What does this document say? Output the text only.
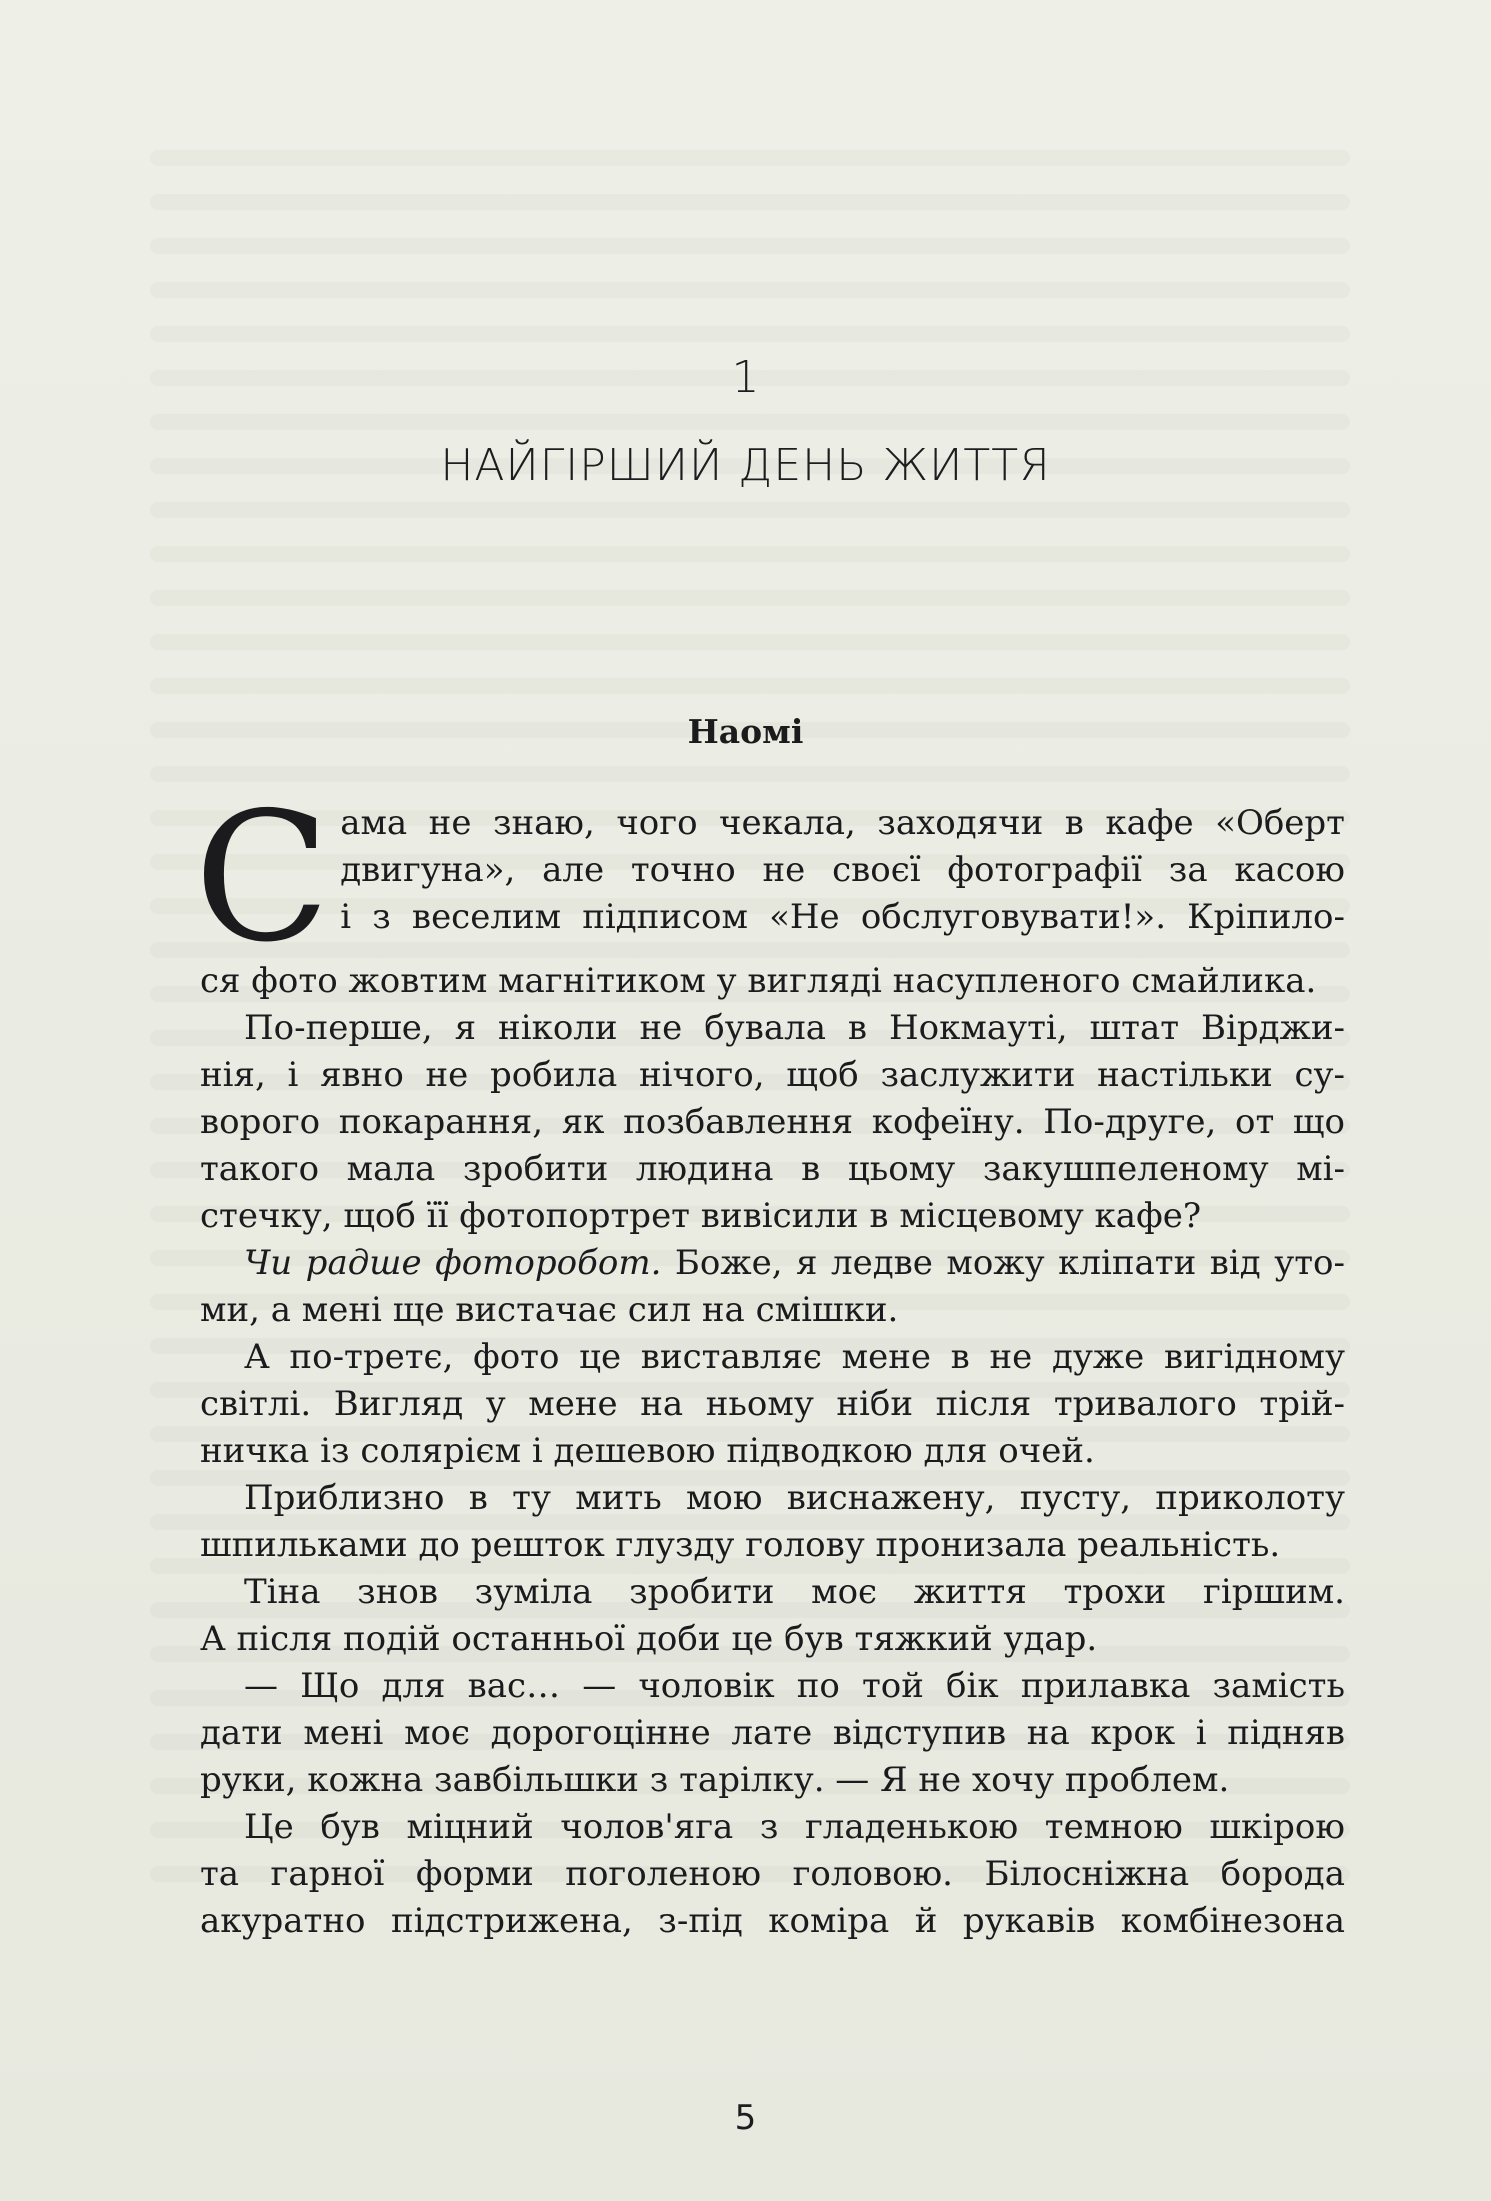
1
НАЙГІРШИЙ ДЕНЬ ЖИТТЯ
Наомі
С ама не знаю, чого чекала, заходячи в кафе «Оберт
двигуна», але точно не своєї фотографії за касою
і з веселим підписом «Не обслуговувати!». Кріпило-
ся фото жовтим магнітиком у вигляді насупленого смайлика.
По-перше, я ніколи не бувала в Нокмауті, штат Вірджи-
нія, і явно не робила нічого, щоб заслужити настільки су-
ворого покарання, як позбавлення кофеїну. По-друге, от що
такого мала зробити людина в цьому закушпеленому мі-
стечку, щоб її фотопортрет вивісили в місцевому кафе?
Чи радше фоторобот. Боже, я ледве можу кліпати від уто-
ми, а мені ще вистачає сил на смішки.
А по-третє, фото це виставляє мене в не дуже вигідному
світлі. Вигляд у мене на ньому ніби після тривалого трій-
ничка із солярієм і дешевою підводкою для очей.
Приблизно в ту мить мою виснажену, пусту, приколоту
шпильками до решток глузду голову пронизала реальність.
Тіна знов зуміла зробити моє життя трохи гіршим.
А після подій останньої доби це був тяжкий удар.
— Що для вас… — чоловік по той бік прилавка замість
дати мені моє дорогоцінне лате відступив на крок і підняв
руки, кожна завбільшки з тарілку. — Я не хочу проблем.
Це був міцний чолов'яга з гладенькою темною шкірою
та гарної форми поголеною головою. Білосніжна борода
акуратно підстрижена, з-під коміра й рукавів комбінезона
5
